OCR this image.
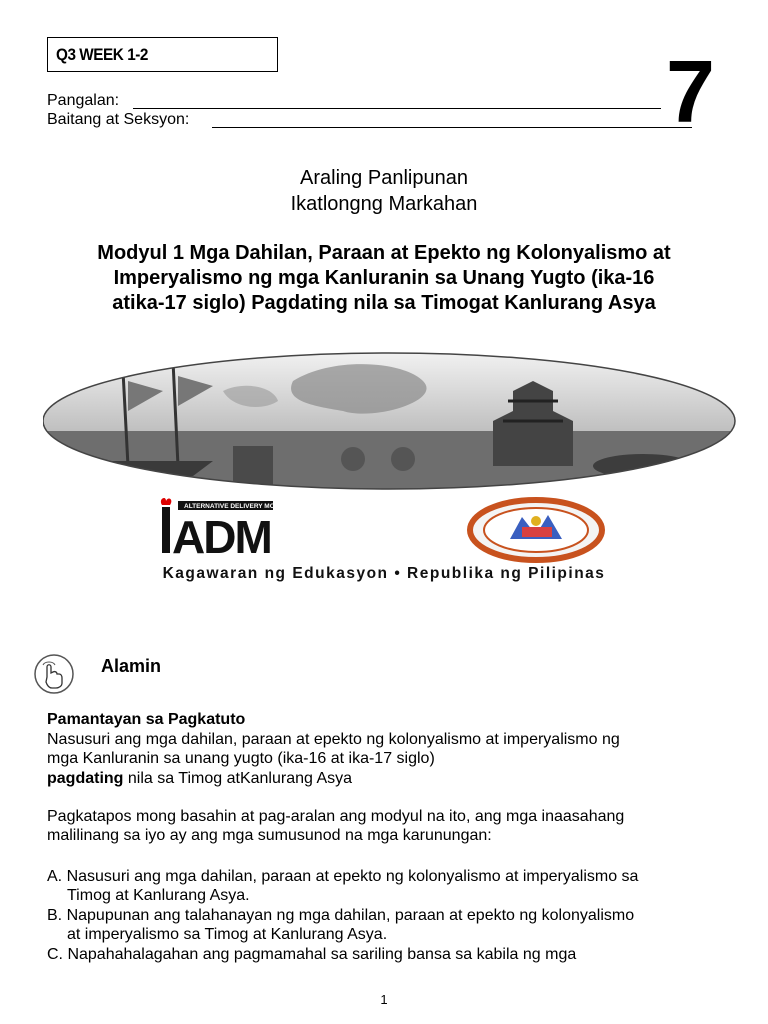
Q3 WEEK 1-2	7
Pangalan:
Baitang at Seksyon:
Araling Panlipunan
Ikatlongng Markahan
Modyul 1 Mga Dahilan, Paraan at Epekto ng Kolonyalismo at
Imperyalismo ng mga Kanluranin sa Unang Yugto (ika-16
atika-17 siglo) Pagdating nila sa Timogat Kanlurang Asya
ALTERNATIVE DELIVERY MODE
ADM
Kagawaran ng Edukasyon • Republika ng Pilipinas
Alamin
Pamantayan sa Pagkatuto
Nasusuri ang mga dahilan, paraan at epekto ng kolonyalismo at imperyalismo ng
mga Kanluranin sa unang yugto (ika-16 at ika-17 siglo)
pagdating nila sa Timog atKanlurang Asya
Pagkatapos mong basahin at pag-aralan ang modyul na ito, ang mga inaasahang
malilinang sa iyo ay ang mga sumusunod na mga karunungan:
A. Nasusuri ang mga dahilan, paraan at epekto ng kolonyalismo at imperyalismo sa
Timog at Kanlurang Asya.
B. Napupunan ang talahanayan ng mga dahilan, paraan at epekto ng kolonyalismo
at imperyalismo sa Timog at Kanlurang Asya.
C. Napahahalagahan ang pagmamahal sa sariling bansa sa kabila ng mga
1
